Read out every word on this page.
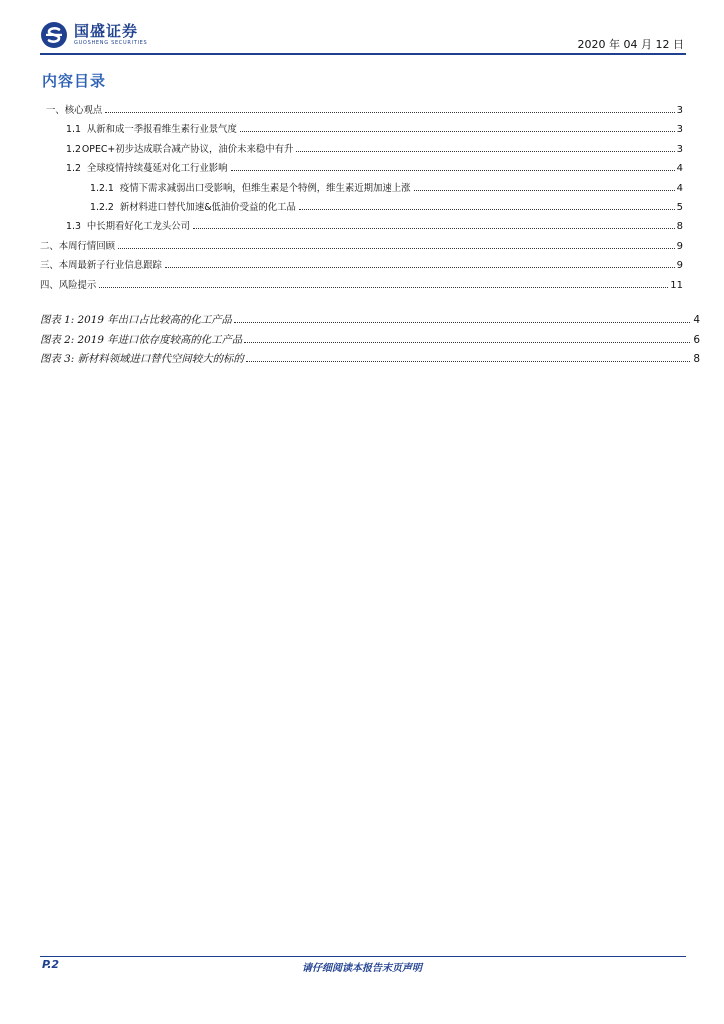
国盛证券
GUOSHENG SECURITIES	2020 年 04 月 12 日
内容目录
一、核心观点	3
1.1 从新和成一季报看维生素行业景气度	3
1.2OPEC+初步达成联合减产协议，油价未来稳中有升	3
1.2 全球疫情持续蔓延对化工行业影响	4
1.2.1 疫情下需求减弱出口受影响，但维生素是个特例，维生素近期加速上涨	4
1.2.2 新材料进口替代加速&低油价受益的化工品	5
1.3 中长期看好化工龙头公司	8
二、本周行情回顾	9
三、本周最新子行业信息跟踪	9
四、风险提示	11
图表 1: 2019 年出口占比较高的化工产品	4
图表 2: 2019 年进口依存度较高的化工产品	6
图表 3: 新材料领域进口替代空间较大的标的	8
P.2	请仔细阅读本报告末页声明
